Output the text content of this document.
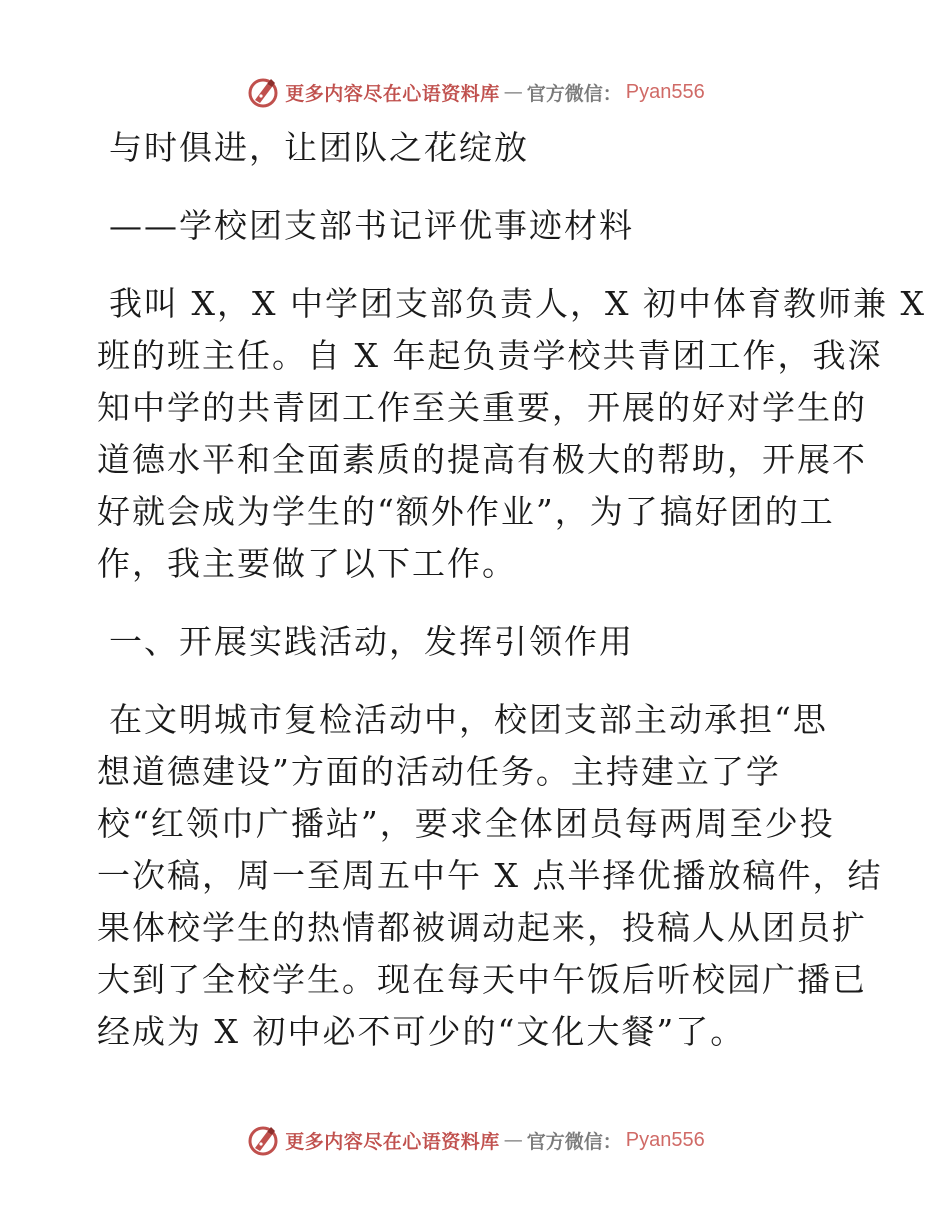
更多内容尽在心语资料库 — 官方微信： Pyan556
与时俱进，让团队之花绽放
——学校团支部书记评优事迹材料
我叫 X，X 中学团支部负责人，X 初中体育教师兼 X
班的班主任。自 X 年起负责学校共青团工作，我深
知中学的共青团工作至关重要，开展的好对学生的
道德水平和全面素质的提高有极大的帮助，开展不
好就会成为学生的“额外作业”，为了搞好团的工
作，我主要做了以下工作。
一、开展实践活动，发挥引领作用
在文明城市复检活动中，校团支部主动承担“思
想道德建设”方面的活动任务。主持建立了学
校“红领巾广播站”，要求全体团员每两周至少投
一次稿，周一至周五中午 X 点半择优播放稿件，结
果体校学生的热情都被调动起来，投稿人从团员扩
大到了全校学生。现在每天中午饭后听校园广播已
经成为 X 初中必不可少的“文化大餐”了。
更多内容尽在心语资料库 — 官方微信： Pyan556
